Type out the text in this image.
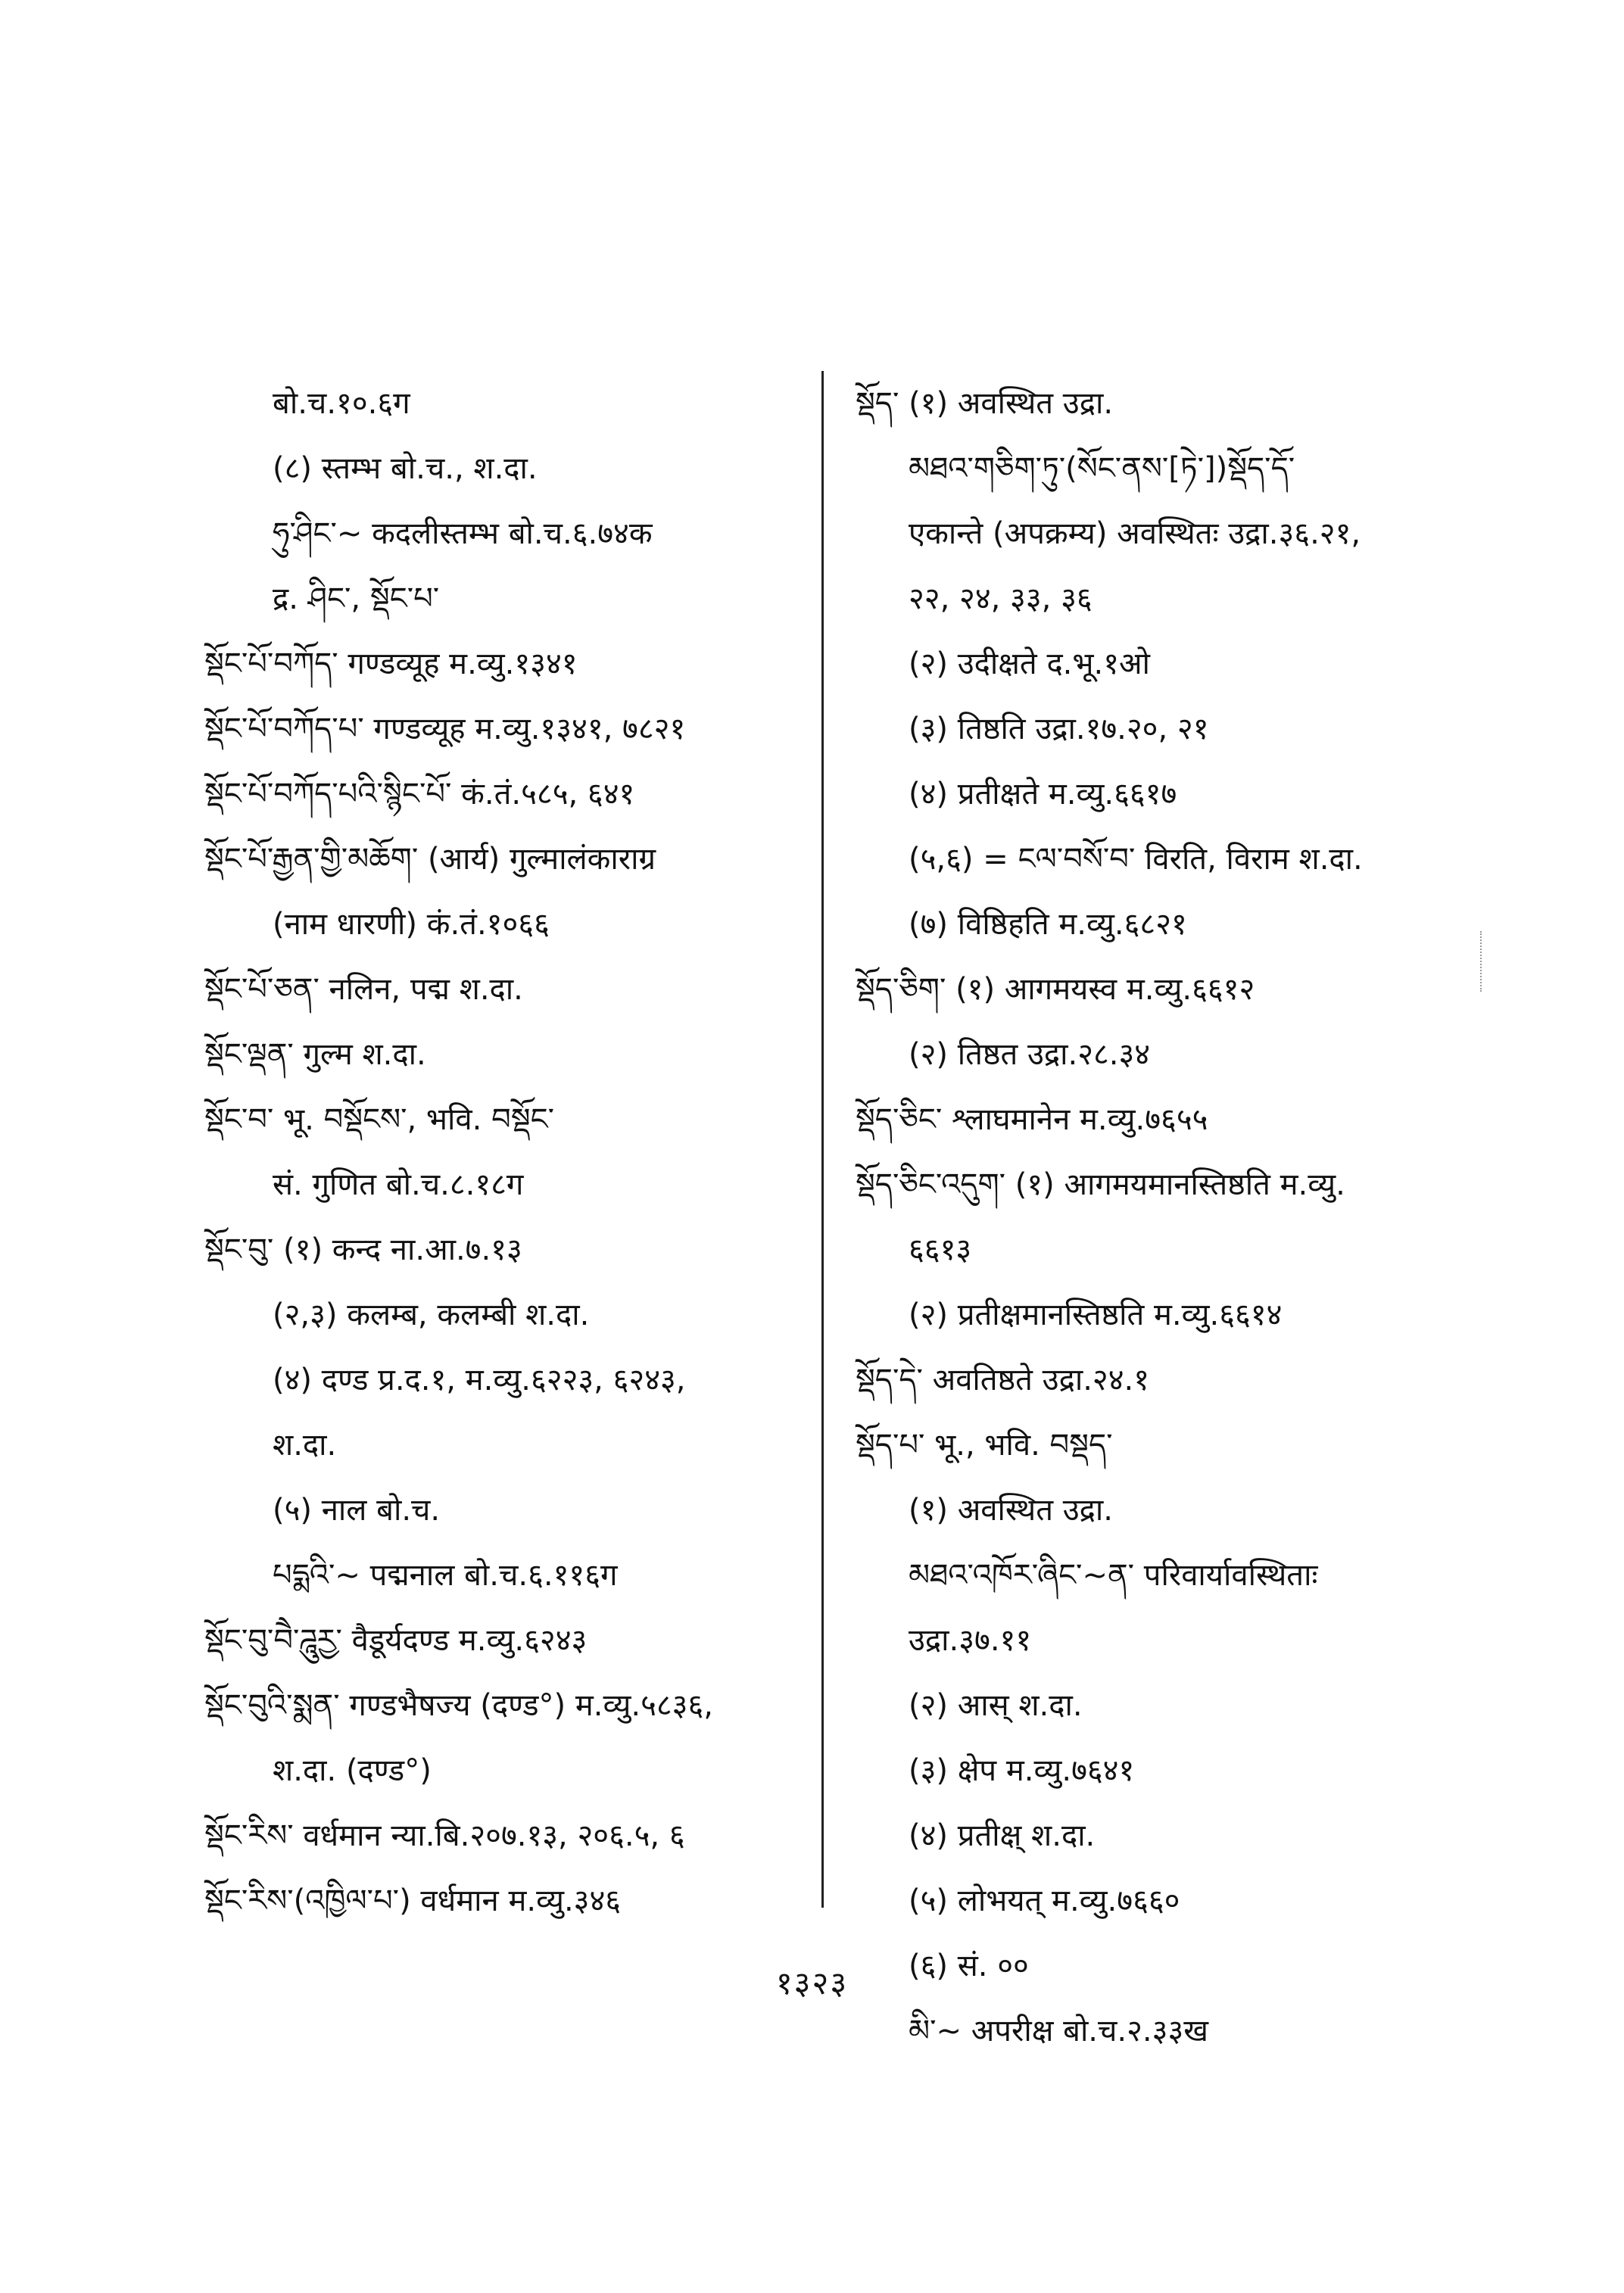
बो.च.१०.६ग
(८) स्तम्भ बो.च., श.दा.
ཧུ་ཤིང་~ कदलीस्तम्भ बो.च.६.७४क
द्र. ཤིང་, སྡོང་པ་
སྡོང་པོ་བཀོད་ गण्डव्यूह म.व्यु.१३४१
སྡོང་པོ་བཀོད་པ་ गण्डव्यूह म.व्यु.१३४१, ७८२१
སྡོང་པོ་བཀོད་པའི་སྙིང་པོ་ कं.तं.५८५, ६४१
སྡོང་པོ་རྒྱན་གྱི་མཆོག་ (आर्य) गुल्मालंकाराग्र
(नाम धारणी) कं.तं.१०६६
སྡོང་པོ་ཅན་ नलिन, पद्म श.दा.
སྡོང་ལྡན་ गुल्म श.दा.
སྡོང་བ་ भू. བསྡོངས་, भवि. བསྡོང་
सं. गुणित बो.च.८.१८ग
སྡོང་བུ་ (१) कन्द ना.आ.७.१३
(२,३) कलम्ब, कलम्बी श.दा.
(४) दण्ड प्र.द.१, म.व्यु.६२२३, ६२४३,
श.दा.
(५) नाल बो.च.
པདྨའི་~ पद्मनाल बो.च.६.११६ग
སྡོང་བུ་བཻ་ཌཱུརྱ་ वैडूर्यदण्ड म.व्यु.६२४३
སྡོང་བུའི་སྨན་ गण्डभैषज्य (दण्ड°) म.व्यु.५८३६,
श.दा. (दण्ड°)
སྡོང་རིས་ वर्धमान न्या.बि.२०७.१३, २०६.५, ६
སྡོང་རིས་(འཁྱིལ་པ་) वर्धमान म.व्यु.३४६
སྡོད་ (१) अवस्थित उद्रा.
མཐའ་གཅིག་ཏུ་(སོང་ནས་[ཏེ་])སྡོད་དོ་
एकान्ते (अपक्रम्य) अवस्थितः उद्रा.३६.२१,
२२, २४, ३३, ३६
(२) उदीक्षते द.भू.१ओ
(३) तिष्ठति उद्रा.१७.२०, २१
(४) प्रतीक्षते म.व्यु.६६१७
(५,६) = ངལ་བསོ་བ་ विरति, विराम श.दा.
(७) विष्ठिहति म.व्यु.६८२१
སྡོད་ཅིག་ (१) आगमयस्व म.व्यु.६६१२
(२) तिष्ठत उद्रा.२८.३४
སྡོད་ཅིང་ श्लाघमानेन म.व्यु.७६५५
སྡོད་ཅིང་འདུག་ (१) आगमयमानस्तिष्ठति म.व्यु.
६६१३
(२) प्रतीक्षमानस्तिष्ठति म.व्यु.६६१४
སྡོད་དེ་ अवतिष्ठते उद्रा.२४.१
སྡོད་པ་ भू., भवि. བསྡད་
(१) अवस्थित उद्रा.
མཐའ་འཁོར་ཞིང་~ན་ परिवार्यावस्थिताः
उद्रा.३७.११
(२) आस् श.दा.
(३) क्षेप म.व्यु.७६४१
(४) प्रतीक्ष् श.दा.
(५) लोभयत् म.व्यु.७६६०
(६) सं. ००
མི་~ अपरीक्ष बो.च.२.३३ख
१३२३
